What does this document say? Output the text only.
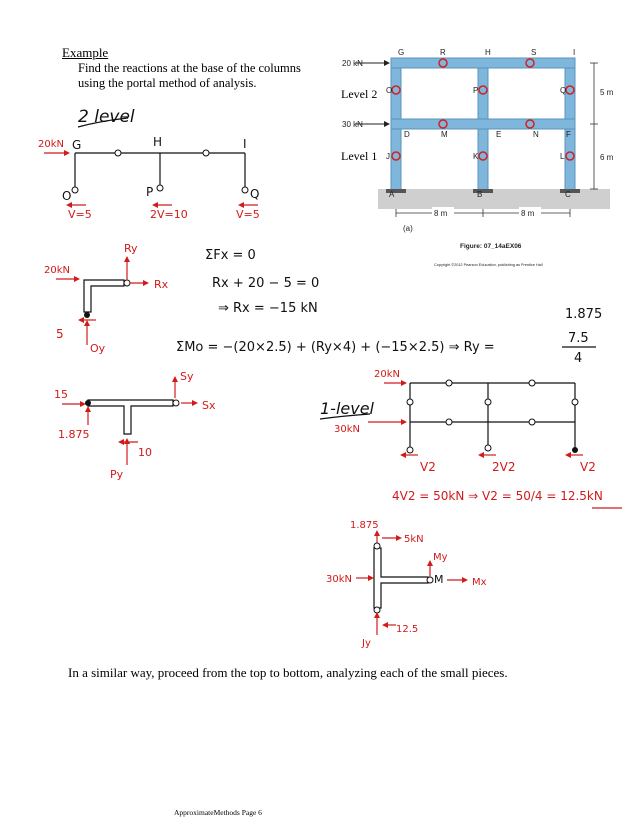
Example
Find the reactions at the base of the columns
using the portal method of analysis.
20 kN
30 kN
G	R	H	S	I
O	P	Q
D	M	E	N	F
J	K	L
A	B	C
5 m
6 m
8 m	8 m
(a)
Figure: 07_14aEX06
Copyright ©2012 Pearson Education, publishing as Prentice Hall
Level 2
Level 1
2 level
20kN G	H	I
O	P	Q
V=5	2V=10	V=5
Ry
20kN
Rx
5
Oy
ΣFx = 0
Rx + 20 − 5 = 0
⇒ Rx = −15 kN
ΣMo = −(20×2.5) + (Ry×4) + (−15×2.5) ⇒ Ry =
1.875
7.5
4
Sy
15
Sx
1.875
10
Py
20kN
1-level
30kN
V2	2V2	V2
4V2 = 50kN ⇒ V2 = 50/4 = 12.5kN
1.875
5kN
30kN
My
M	Mx
Jy
12.5
In a similar way, proceed from the top to bottom, analyzing each of the small pieces.
ApproximateMethods Page 6
